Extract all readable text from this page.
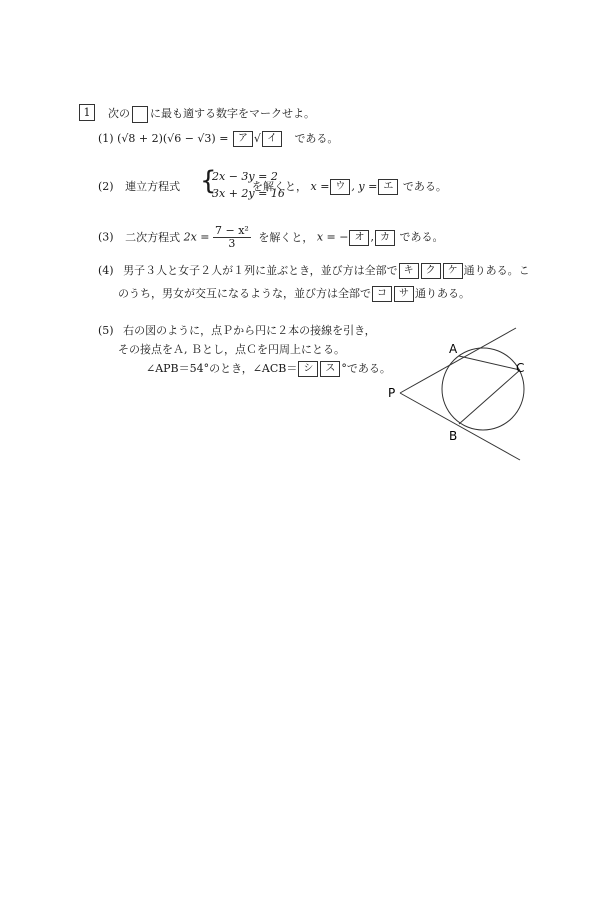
1	次の に最も適する数字をマークせよ。
(1) (√8 + 2)(√6 − √3) = ア √ イ である。
(2) 連立方程式 {
2x − 3y = 2
3x + 2y = 16
を解くと， x = ウ , y = エ である。
(3) 二次方程式 $2x = \frac{\text{7 − x²}}{3}$ を解くと， x = − オ , カ である。
(4) 男子３人と女子２人が１列に並ぶとき，並び方は全部で キ ク ケ 通りある。こ
のうち，男女が交互になるような，並び方は全部で コ サ 通りある。
(5) 右の図のように，点Ｐから円に２本の接線を引き，
その接点をＡ, Ｂとし，点Ｃを円周上にとる。
∠APB＝54°のとき，∠ACB＝ シ ス °である。
A
B
C
P
